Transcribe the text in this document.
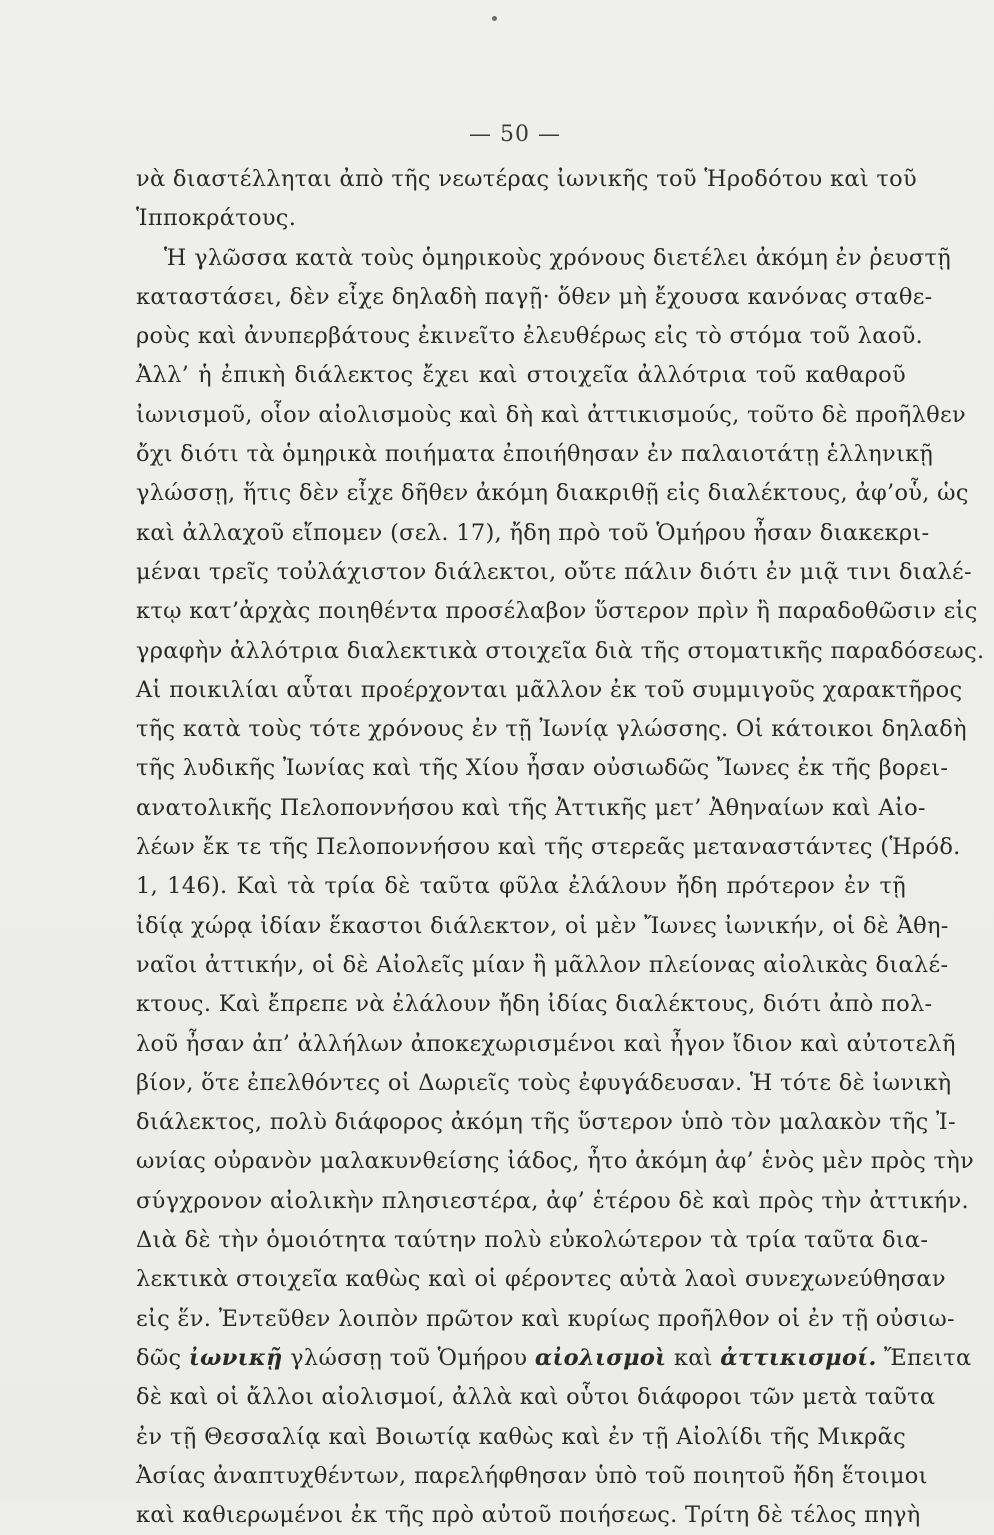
— 50 —
νὰ διαστέλληται ἀπὸ τῆς νεωτέρας ἰωνικῆς τοῦ Ἡροδότου καὶ τοῦ
Ἱπποκράτους.
Ἡ γλῶσσα κατὰ τοὺς ὁμηρικοὺς χρόνους διετέλει ἀκόμη ἐν ῥευστῇ
καταστάσει, δὲν εἶχε δηλαδὴ παγῇ· ὅθεν μὴ ἔχουσα κανόνας σταθε-
ροὺς καὶ ἀνυπερβάτους ἐκινεῖτο ἐλευθέρως εἰς τὸ στόμα τοῦ λαοῦ.
Ἀλλ’ ἡ ἐπικὴ διάλεκτος ἔχει καὶ στοιχεῖα ἀλλότρια τοῦ καθαροῦ
ἰωνισμοῦ, οἷον αἰολισμοὺς καὶ δὴ καὶ ἀττικισμούς, τοῦτο δὲ προῆλθεν
ὄχι διότι τὰ ὁμηρικὰ ποιήματα ἐποιήθησαν ἐν παλαιοτάτῃ ἑλληνικῇ
γλώσσῃ, ἥτις δὲν εἶχε δῆθεν ἀκόμη διακριθῇ εἰς διαλέκτους, ἀφ’οὗ, ὡς
καὶ ἀλλαχοῦ εἴπομεν (σελ. 17), ἤδη πρὸ τοῦ Ὁμήρου ἦσαν διακεκρι-
μέναι τρεῖς τοὐλάχιστον διάλεκτοι, οὔτε πάλιν διότι ἐν μιᾷ τινι διαλέ-
κτῳ κατ’ἀρχὰς ποιηθέντα προσέλαβον ὕστερον πρὶν ἢ παραδοθῶσιν εἰς
γραφὴν ἀλλότρια διαλεκτικὰ στοιχεῖα διὰ τῆς στοματικῆς παραδόσεως.
Αἱ ποικιλίαι αὗται προέρχονται μᾶλλον ἐκ τοῦ συμμιγοῦς χαρακτῆρος
τῆς κατὰ τοὺς τότε χρόνους ἐν τῇ Ἰωνίᾳ γλώσσης. Οἱ κάτοικοι δηλαδὴ
τῆς λυδικῆς Ἰωνίας καὶ τῆς Χίου ἦσαν οὐσιωδῶς Ἴωνες ἐκ τῆς βορει-
ανατολικῆς Πελοποννήσου καὶ τῆς Ἀττικῆς μετ’ Ἀθηναίων καὶ Αἰο-
λέων ἔκ τε τῆς Πελοποννήσου καὶ τῆς στερεᾶς μεταναστάντες (Ἡρόδ.
1, 146). Καὶ τὰ τρία δὲ ταῦτα φῦλα ἐλάλουν ἤδη πρότερον ἐν τῇ
ἰδίᾳ χώρᾳ ἰδίαν ἕκαστοι διάλεκτον, οἱ μὲν Ἴωνες ἰωνικήν, οἱ δὲ Ἀθη-
ναῖοι ἀττικήν, οἱ δὲ Αἰολεῖς μίαν ἢ μᾶλλον πλείονας αἰολικὰς διαλέ-
κτους. Καὶ ἔπρεπε νὰ ἐλάλουν ἤδη ἰδίας διαλέκτους, διότι ἀπὸ πολ-
λοῦ ἦσαν ἀπ’ ἀλλήλων ἀποκεχωρισμένοι καὶ ἦγον ἴδιον καὶ αὐτοτελῆ
βίον, ὅτε ἐπελθόντες οἱ Δωριεῖς τοὺς ἐφυγάδευσαν. Ἡ τότε δὲ ἰωνικὴ
διάλεκτος, πολὺ διάφορος ἀκόμη τῆς ὕστερον ὑπὸ τὸν μαλακὸν τῆς Ἰ-
ωνίας οὐρανὸν μαλακυνθείσης ἰάδος, ἦτο ἀκόμη ἀφ’ ἑνὸς μὲν πρὸς τὴν
σύγχρονον αἰολικὴν πλησιεστέρα, ἀφ’ ἑτέρου δὲ καὶ πρὸς τὴν ἀττικήν.
Διὰ δὲ τὴν ὁμοιότητα ταύτην πολὺ εὐκολώτερον τὰ τρία ταῦτα δια-
λεκτικὰ στοιχεῖα καθὼς καὶ οἱ φέροντες αὐτὰ λαοὶ συνεχωνεύθησαν
εἰς ἕν. Ἐντεῦθεν λοιπὸν πρῶτον καὶ κυρίως προῆλθον οἱ ἐν τῇ οὐσιω-
δῶς ἰωνικῇ γλώσσῃ τοῦ Ὁμήρου αἰολισμοὶ καὶ ἀττικισμοί. Ἔπειτα
δὲ καὶ οἱ ἄλλοι αἰολισμοί, ἀλλὰ καὶ οὗτοι διάφοροι τῶν μετὰ ταῦτα
ἐν τῇ Θεσσαλίᾳ καὶ Βοιωτίᾳ καθὼς καὶ ἐν τῇ Αἰολίδι τῆς Μικρᾶς
Ἀσίας ἀναπτυχθέντων, παρελήφθησαν ὑπὸ τοῦ ποιητοῦ ἤδη ἕτοιμοι
καὶ καθιερωμένοι ἐκ τῆς πρὸ αὐτοῦ ποιήσεως. Τρίτη δὲ τέλος πηγὴ
